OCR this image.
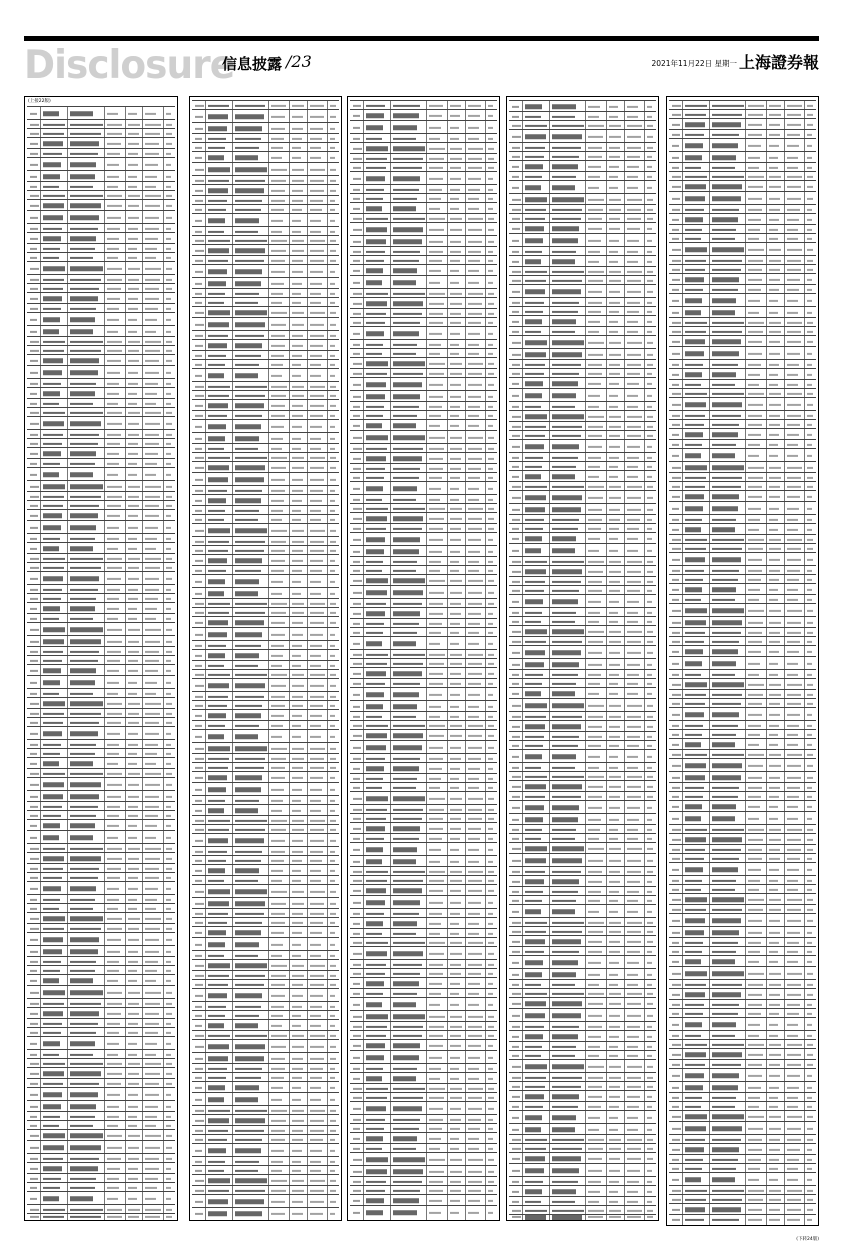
Disclosure
信息披露 /23	2021年11月22日 星期一 上海證券報
(上接22版)
(下转24版)
